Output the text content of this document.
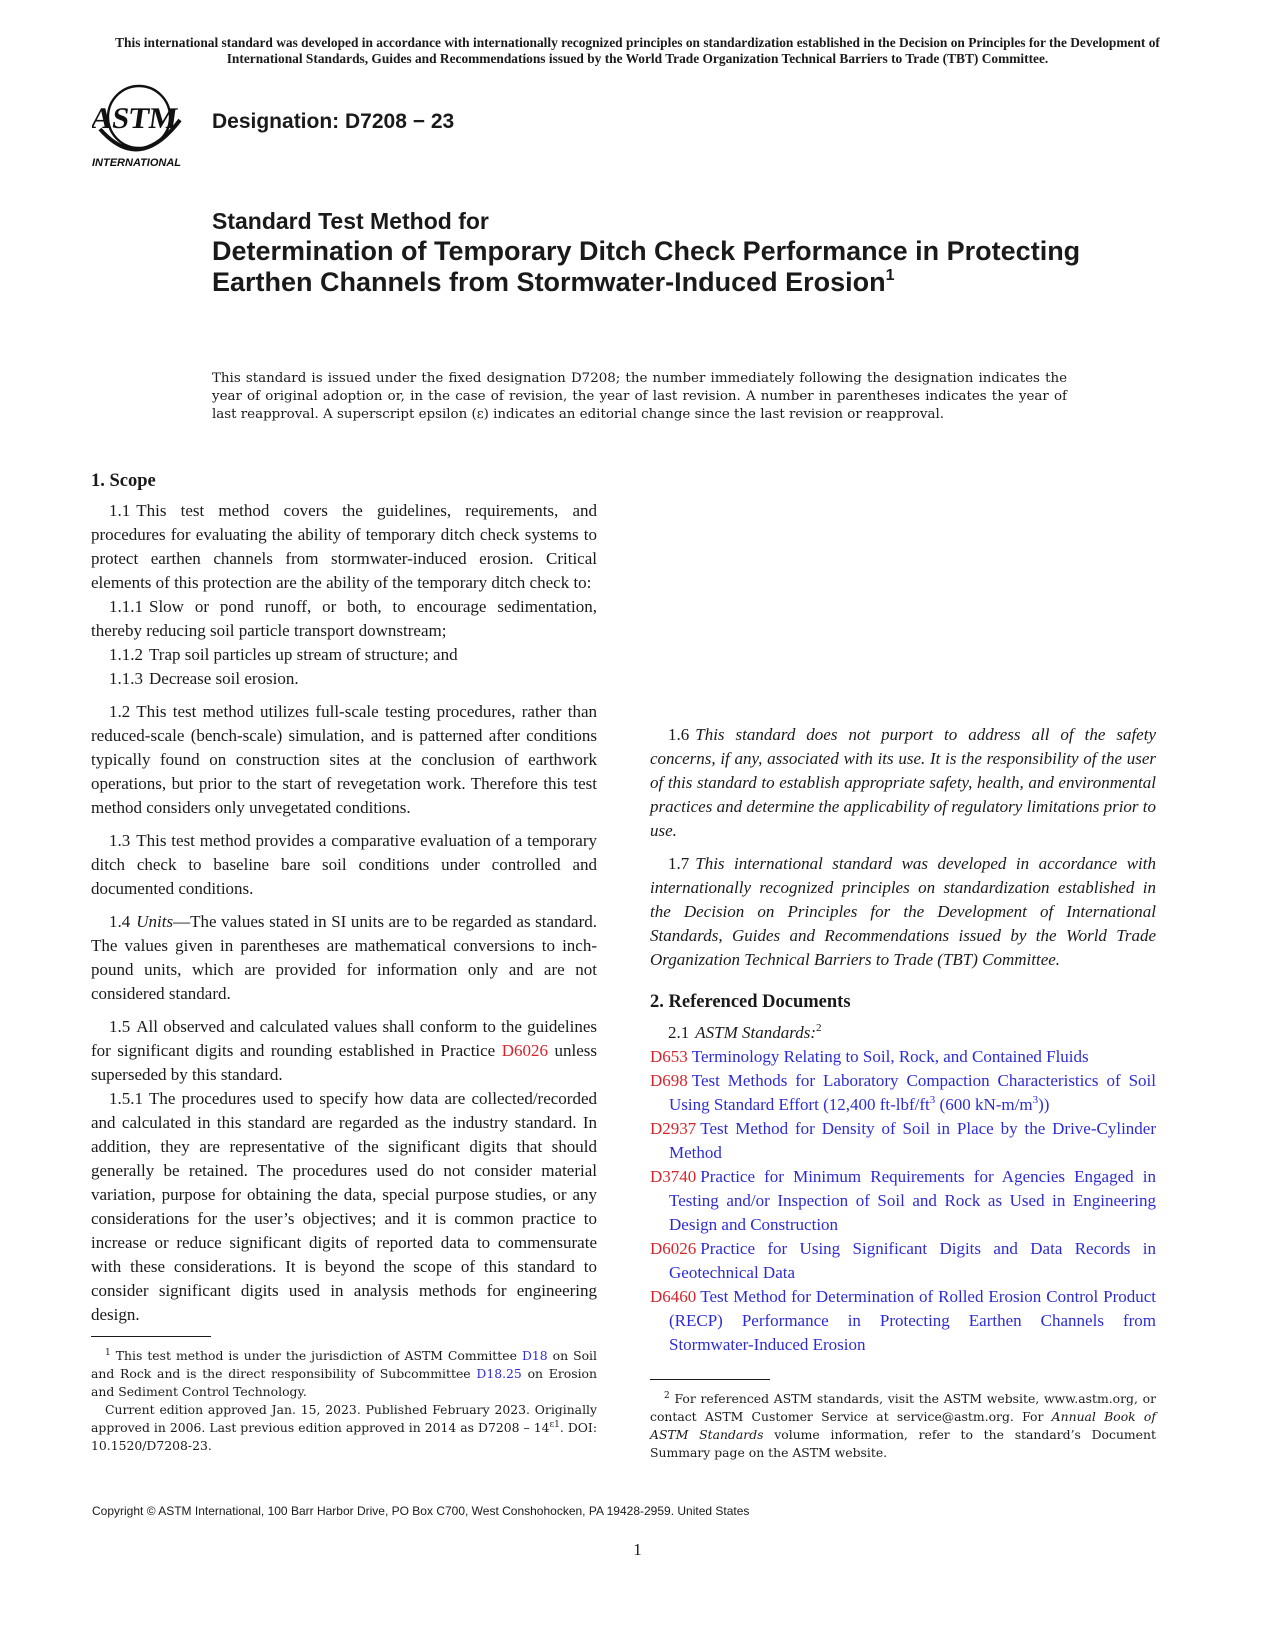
This international standard was developed in accordance with internationally recognized principles on standardization established in the Decision on Principles for the Development of International Standards, Guides and Recommendations issued by the World Trade Organization Technical Barriers to Trade (TBT) Committee.
ASTM
INTERNATIONAL
Designation: D7208 − 23
Standard Test Method for
Determination of Temporary Ditch Check Performance in Protecting Earthen Channels from Stormwater-Induced Erosion$^1$
This standard is issued under the fixed designation D7208; the number immediately following the designation indicates the year of original adoption or, in the case of revision, the year of last revision. A number in parentheses indicates the year of last reapproval. A superscript epsilon (ε) indicates an editorial change since the last revision or reapproval.
1. Scope

1.1 This test method covers the guidelines, requirements, and procedures for evaluating the ability of temporary ditch check systems to protect earthen channels from stormwater-induced erosion. Critical elements of this protection are the ability of the temporary ditch check to:

1.1.1 Slow or pond runoff, or both, to encourage sedimentation, thereby reducing soil particle transport downstream;

1.1.2 Trap soil particles up stream of structure; and

1.1.3 Decrease soil erosion.

1.2 This test method utilizes full-scale testing procedures, rather than reduced-scale (bench-scale) simulation, and is patterned after conditions typically found on construction sites at the conclusion of earthwork operations, but prior to the start of revegetation work. Therefore this test method considers only unvegetated conditions.

1.3 This test method provides a comparative evaluation of a temporary ditch check to baseline bare soil conditions under controlled and documented conditions.

1.4 Units—The values stated in SI units are to be regarded as standard. The values given in parentheses are mathematical conversions to inch-pound units, which are provided for information only and are not considered standard.

1.5 All observed and calculated values shall conform to the guidelines for significant digits and rounding established in Practice D6026 unless superseded by this standard.

1.5.1 The procedures used to specify how data are collected/recorded and calculated in this standard are regarded as the industry standard. In addition, they are representative of the significant digits that should generally be retained. The procedures used do not consider material variation, purpose for obtaining the data, special purpose studies, or any considerations for the user’s objectives; and it is common practice to increase or reduce significant digits of reported data to commensurate with these considerations. It is beyond the scope of this standard to consider significant digits used in analysis methods for engineering design.

1.6 This standard does not purport to address all of the safety concerns, if any, associated with its use. It is the responsibility of the user of this standard to establish appropriate safety, health, and environmental practices and determine the applicability of regulatory limitations prior to use.

1.7 This international standard was developed in accordance with internationally recognized principles on standardization established in the Decision on Principles for the Development of International Standards, Guides and Recommendations issued by the World Trade Organization Technical Barriers to Trade (TBT) Committee.

2. Referenced Documents

2.1 ASTM Standards:$^2$

D653 Terminology Relating to Soil, Rock, and Contained Fluids

D698 Test Methods for Laboratory Compaction Characteristics of Soil Using Standard Effort (12,400 $ft-lbf/ft^3$ (600 $kN-m/m^3$))

D2937 Test Method for Density of Soil in Place by the Drive-Cylinder Method

D3740 Practice for Minimum Requirements for Agencies Engaged in Testing and/or Inspection of Soil and Rock as Used in Engineering Design and Construction

D6026 Practice for Using Significant Digits and Data Records in Geotechnical Data

D6460 Test Method for Determination of Rolled Erosion Control Product (RECP) Performance in Protecting Earthen Channels from Stormwater-Induced Erosion

$^1$ This test method is under the jurisdiction of ASTM Committee D18 on Soil and Rock and is the direct responsibility of Subcommittee D18.25 on Erosion and Sediment Control Technology.

Current edition approved Jan. 15, 2023. Published February 2023. Originally approved in 2006. Last previous edition approved in 2014 as $D7208 - 14^{\varepsilon 1}$. DOI: 10.1520/D7208-23.

$^2$ For referenced ASTM standards, visit the ASTM website, www.astm.org, or contact ASTM Customer Service at service@astm.org. For Annual Book of ASTM Standards volume information, refer to the standard’s Document Summary page on the ASTM website.

Copyright © ASTM International, 100 Barr Harbor Drive, PO Box C700, West Conshohocken, PA 19428-2959. United States
1
